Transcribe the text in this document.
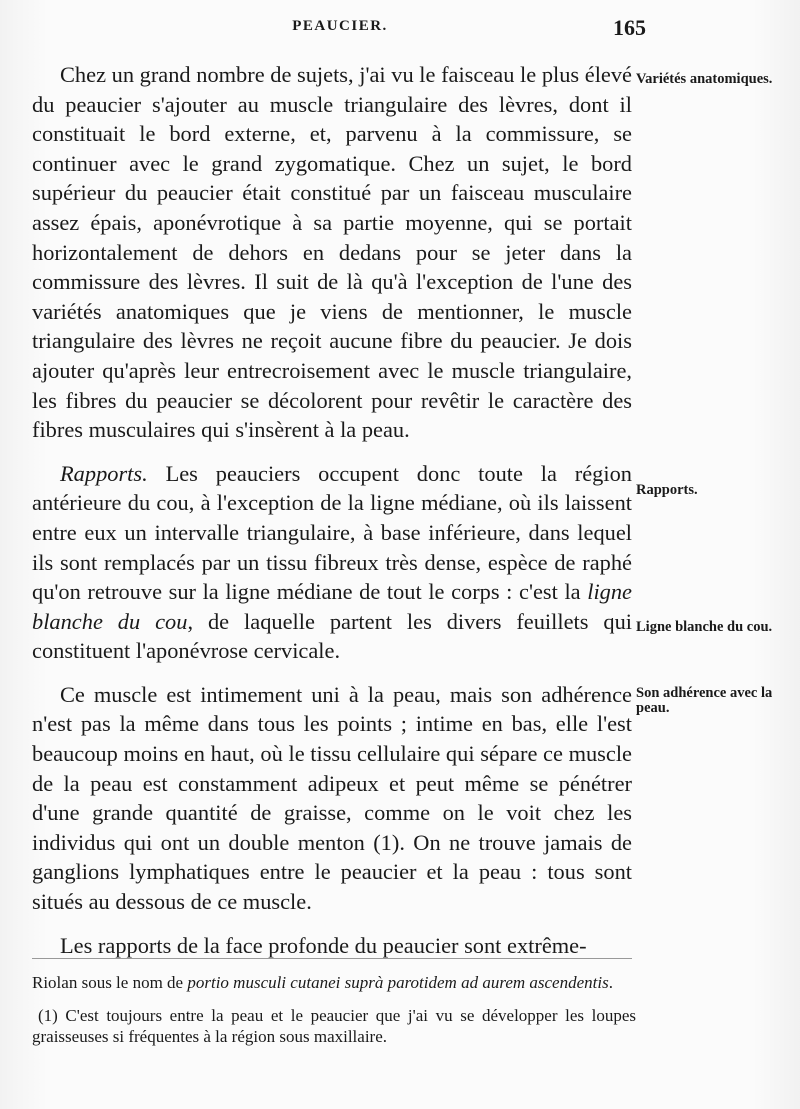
PEAUCIER.	165

Chez un grand nombre de sujets, j'ai vu le faisceau le plus élevé du peaucier s'ajouter au muscle triangulaire des lèvres, dont il constituait le bord externe, et, parvenu à la commissure, se continuer avec le grand zygomatique. Chez un sujet, le bord supérieur du peaucier était constitué par un faisceau musculaire assez épais, aponévrotique à sa partie moyenne, qui se portait horizontalement de dehors en dedans pour se jeter dans la commissure des lèvres. Il suit de là qu'à l'exception de l'une des variétés anatomiques que je viens de mentionner, le muscle triangulaire des lèvres ne reçoit aucune fibre du peaucier. Je dois ajouter qu'après leur entrecroisement avec le muscle triangulaire, les fibres du peaucier se décolorent pour revêtir le caractère des fibres musculaires qui s'insèrent à la peau.

Rapports. Les peauciers occupent donc toute la région antérieure du cou, à l'exception de la ligne médiane, où ils laissent entre eux un intervalle triangulaire, à base inférieure, dans lequel ils sont remplacés par un tissu fibreux très dense, espèce de raphé qu'on retrouve sur la ligne médiane de tout le corps : c'est la ligne blanche du cou, de laquelle partent les divers feuillets qui constituent l'aponévrose cervicale.

Ce muscle est intimement uni à la peau, mais son adhérence n'est pas la même dans tous les points ; intime en bas, elle l'est beaucoup moins en haut, où le tissu cellulaire qui sépare ce muscle de la peau est constamment adipeux et peut même se pénétrer d'une grande quantité de graisse, comme on le voit chez les individus qui ont un double menton (1). On ne trouve jamais de ganglions lymphatiques entre le peaucier et la peau : tous sont situés au dessous de ce muscle.

Les rapports de la face profonde du peaucier sont extrême-

Variétés anatomiques.
Rapports.
Ligne blanche du cou.
Son adhérence avec la peau.

Riolan sous le nom de portio musculi cutanei suprà parotidem ad aurem ascendentis.

(1) C'est toujours entre la peau et le peaucier que j'ai vu se développer les loupes graisseuses si fréquentes à la région sous maxillaire.
